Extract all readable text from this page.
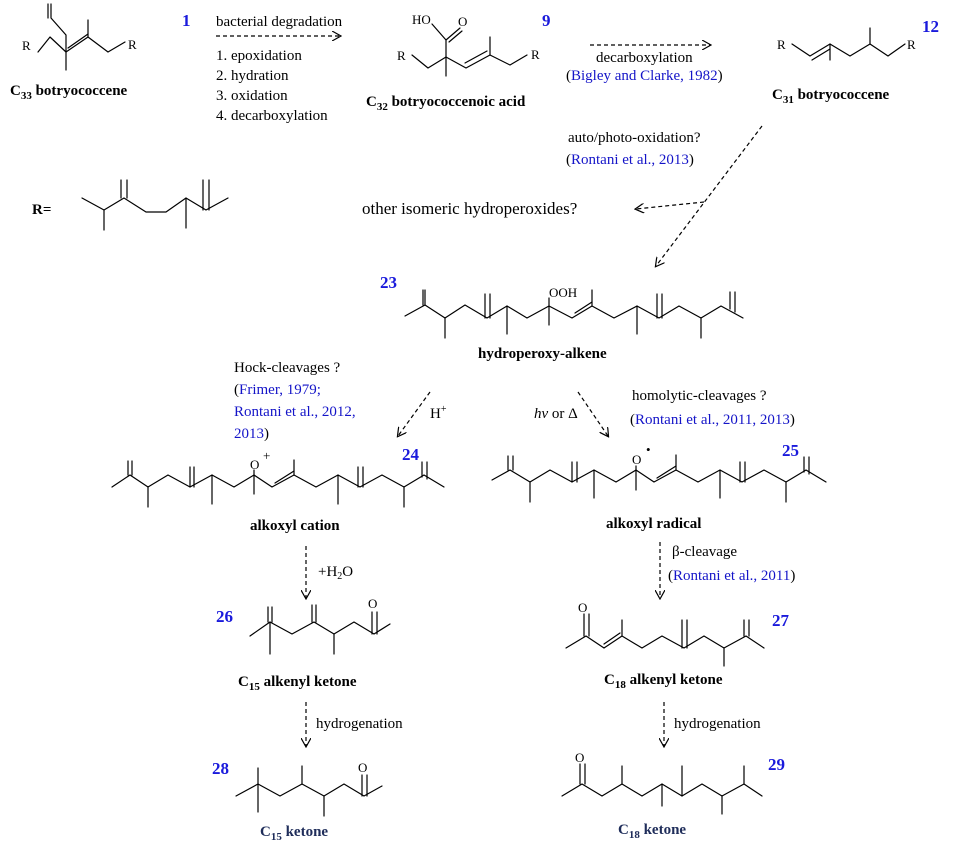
R	R
1
$C_{33}$ botryococcene
bacterial degradation
1. epoxidation
2. hydration
3. oxidation
4. decarboxylation
HO O
R	R
9
$C_{32}$ botryococcenoic acid
decarboxylation
(Bigley and Clarke, 1982)
R	R
12
$C_{31}$ botryococcene
R=
auto/photo-oxidation?
(Rontani et al., 2013)
other isomeric hydroperoxides?
23
OOH
hydroperoxy-alkene
Hock-cleavages ?
(Frimer, 1979;
Rontani et al., 2012,
2013)
H+	hν or Δ
homolytic-cleavages ?
(Rontani et al., 2011, 2013)
O
+	24
alkoxyl cation
O
•	25
alkoxyl radical
$+H_2O$
β-cleavage
(Rontani et al., 2011)
26
O
$C_{15}$ alkenyl ketone
O
27
$C_{18}$ alkenyl ketone
hydrogenation	hydrogenation
28	O
$C_{15}$ ketone
O	29
$C_{18}$ ketone
